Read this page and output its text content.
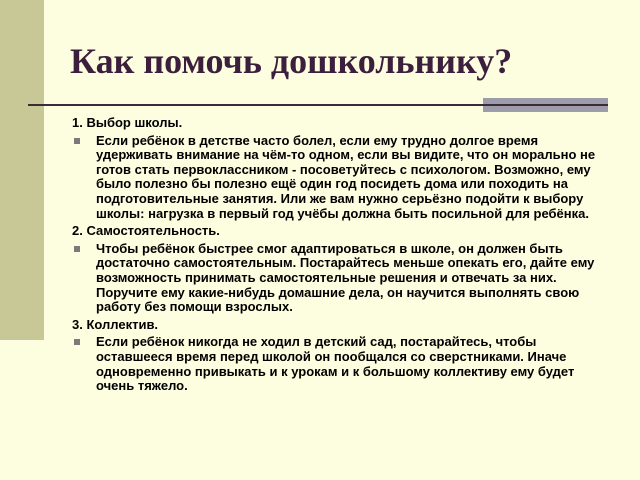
Как помочь дошкольнику?

1. Выбор школы.

Если ребёнок в детстве часто болел, если ему трудно долгое время удерживать внимание на чём-то одном, если вы видите, что он морально не готов стать первоклассником - посоветуйтесь с психологом. Возможно, ему было полезно бы полезно ещё один год посидеть дома или походить на подготовительные занятия. Или же вам нужно серьёзно подойти к выбору школы: нагрузка в первый год учёбы должна быть посильной для ребёнка.

2. Самостоятельность.

Чтобы ребёнок быстрее смог адаптироваться в школе, он должен быть достаточно самостоятельным. Постарайтесь меньше опекать его, дайте ему возможность принимать самостоятельные решения и отвечать за них. Поручите ему какие-нибудь домашние дела, он научится выполнять свою работу без помощи взрослых.

3. Коллектив.

Если ребёнок никогда не ходил в детский сад, постарайтесь, чтобы оставшееся время перед школой он пообщался со сверстниками. Иначе одновременно привыкать и к урокам и к большому коллективу ему будет очень тяжело.
